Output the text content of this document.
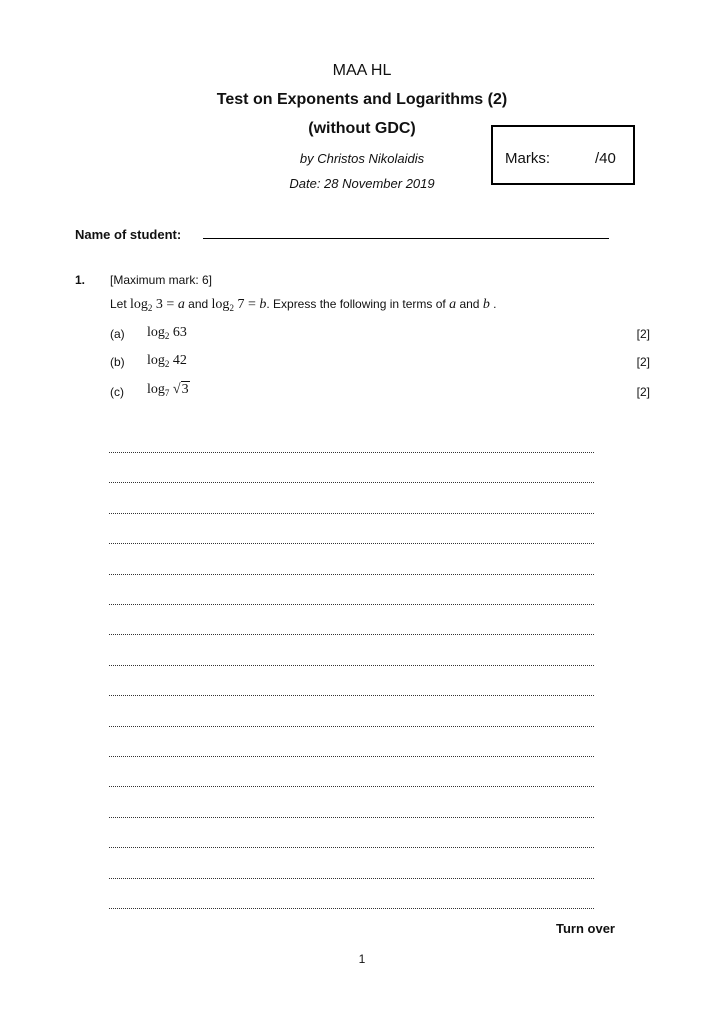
MAA HL
Test on Exponents and Logarithms (2)
(without GDC)
by Christos Nikolaidis
Date: 28 November 2019
Marks:	/40
Name of student:
1. [Maximum mark: 6]
Let $\log_2 3 = a$ and $\log_2 7 = b$. Express the following in terms of a and b .
(a) $\log_2 63$	[2]
(b) $\log_2 42$	[2]
(c) $\log_7 √3$	[2]
Turn over
1
